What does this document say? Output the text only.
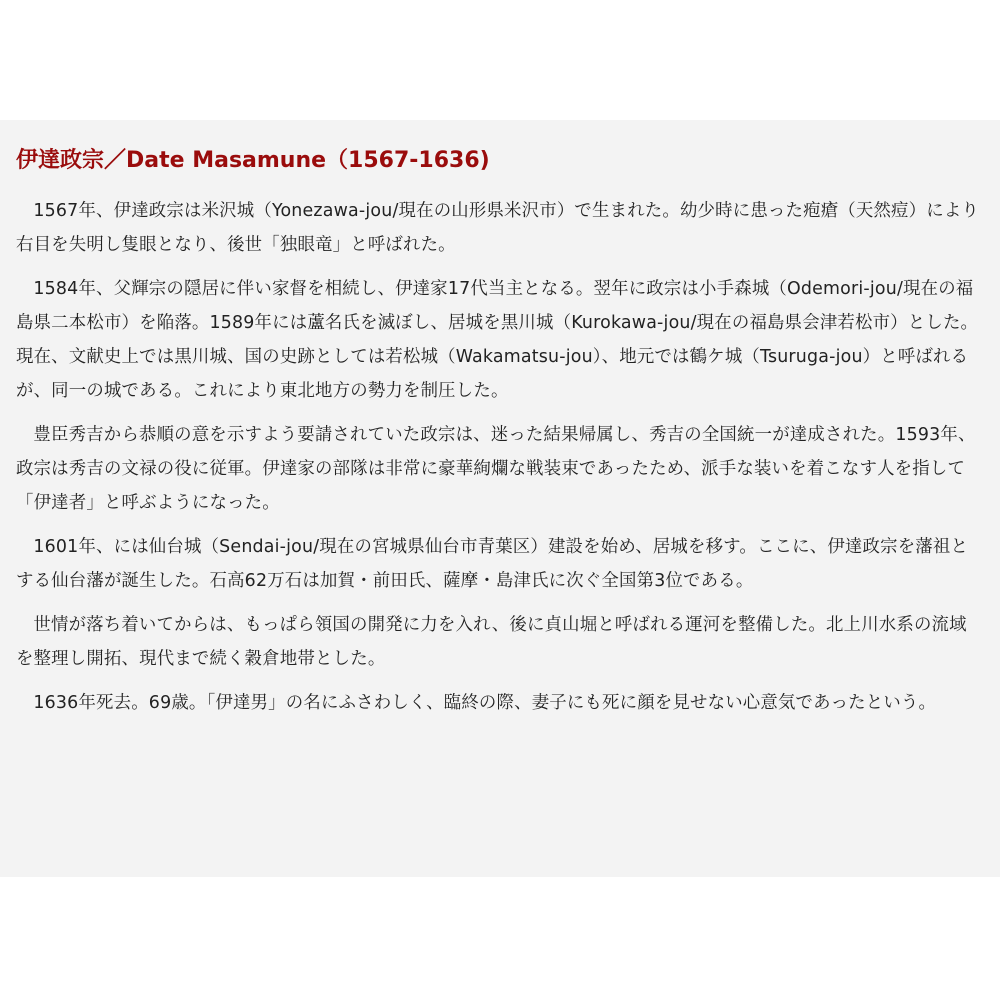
伊達政宗／Date Masamune（1567-1636)

1567年、伊達政宗は米沢城（Yonezawa-jou/現在の山形県米沢市）で生まれた。幼少時に患った疱瘡（天然痘）により右目を失明し隻眼となり、後世「独眼竜」と呼ばれた。

1584年、父輝宗の隠居に伴い家督を相続し、伊達家17代当主となる。翌年に政宗は小手森城（Odemori-jou/現在の福島県二本松市）を陥落。1589年には蘆名氏を滅ぼし、居城を黒川城（Kurokawa-jou/現在の福島県会津若松市）とした。現在、文献史上では黒川城、国の史跡としては若松城（Wakamatsu-jou）、地元では鶴ケ城（Tsuruga-jou）と呼ばれるが、同一の城である。これにより東北地方の勢力を制圧した。

豊臣秀吉から恭順の意を示すよう要請されていた政宗は、迷った結果帰属し、秀吉の全国統一が達成された。1593年、政宗は秀吉の文禄の役に従軍。伊達家の部隊は非常に豪華絢爛な戦装束であったため、派手な装いを着こなす人を指して「伊達者」と呼ぶようになった。

1601年、には仙台城（Sendai-jou/現在の宮城県仙台市青葉区）建設を始め、居城を移す。ここに、伊達政宗を藩祖とする仙台藩が誕生した。石高62万石は加賀・前田氏、薩摩・島津氏に次ぐ全国第3位である。

世情が落ち着いてからは、もっぱら領国の開発に力を入れ、後に貞山堀と呼ばれる運河を整備した。北上川水系の流域を整理し開拓、現代まで続く穀倉地帯とした。

1636年死去。69歳。「伊達男」の名にふさわしく、臨終の際、妻子にも死に顔を見せない心意気であったという。
